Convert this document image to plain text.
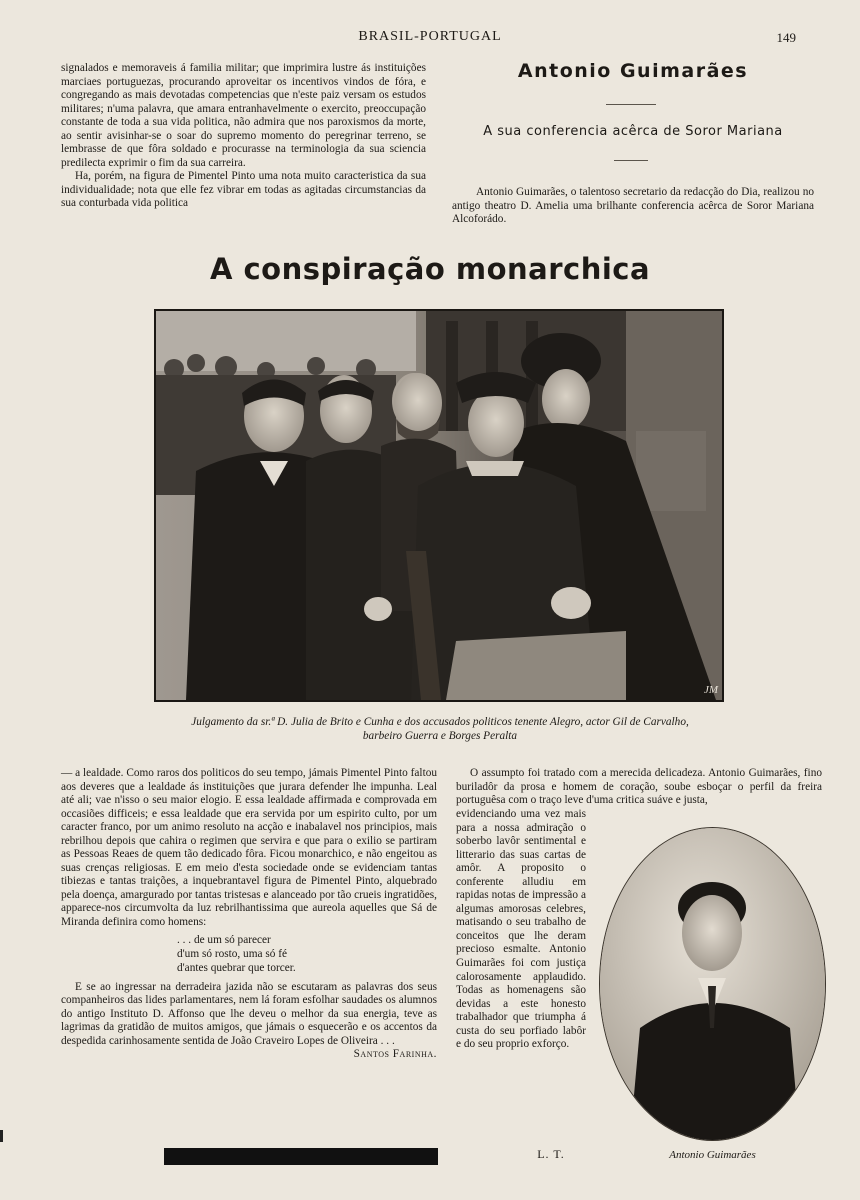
BRASIL-PORTUGAL	149

signalados e memoraveis á familia militar; que imprimira lustre ás instituições marciaes portuguezas, procurando aproveitar os incentivos vindos de fóra, e congregando as mais devotadas competencias que n'este paiz versam os estudos militares; n'uma palavra, que amara entranhavelmente o exercito, preoccupação constante de toda a sua vida politica, não admira que nos paroxismos da morte, ao sentir avisinhar-se o soar do supremo momento do peregrinar terreno, se lembrasse de que fôra soldado e procurasse na terminologia da sua sciencia predilecta exprimir o fim da sua carreira.

Ha, porém, na figura de Pimentel Pinto uma nota muito caracteristica da sua individualidade; nota que elle fez vibrar em todas as agitadas circumstancias da sua conturbada vida politica

Antonio Guimarães
A sua conferencia acêrca de Soror Mariana

Antonio Guimarães, o talentoso secretario da redacção do Dia, realizou no antigo theatro D. Amelia uma brilhante conferencia acêrca de Soror Mariana Alcoforádo.

A conspiração monarchica
JM
Julgamento da sr.ª D. Julia de Brito e Cunha e dos accusados politicos tenente Alegro, actor Gil de Carvalho,
barbeiro Guerra e Borges Peralta

— a lealdade. Como raros dos politicos do seu tempo, jámais Pimentel Pinto faltou aos deveres que a lealdade ás instituições que jurara defender lhe impunha. Leal até ali; vae n'isso o seu maior elogio. E essa lealdade affirmada e comprovada em occasiões difficeis; e essa lealdade que era servida por um espirito culto, por um caracter franco, por um animo resoluto na acção e inabalavel nos principios, mais rebrilhou depois que cahira o regimen que servira e que para o exilio se partiram as Pessoas Reaes de quem tão dedicado fôra. Ficou monarchico, e não engeitou as suas crenças religiosas. E em meio d'esta sociedade onde se evidenciam tantas tibiezas e tantas traições, a inquebrantavel figura de Pimentel Pinto, alquebrado pela doença, amargurado por tantas tristesas e alanceado por tão crueis ingratidões, apparece-nos circumvolta da luz rebrilhantissima que aureola aquelles que Sá de Miranda definira como homens:

. . . de um só parecer
d'um só rosto, uma só fé
d'antes quebrar que torcer.

E se ao ingressar na derradeira jazida não se escutaram as palavras dos seus companheiros das lides parlamentares, nem lá foram esfolhar saudades os alumnos do antigo Instituto D. Affonso que lhe deveu o melhor da sua energia, teve as lagrimas da gratidão de muitos amigos, que jámais o esquecerão e os accentos da despedida carinhosamente sentida de João Craveiro Lopes de Oliveira . . .

Santos Farinha.

O assumpto foi tratado com a merecida delicadeza. Antonio Guimarães, fino buriladôr da prosa e homem de coração, soube esboçar o perfil da freira portuguêsa com o traço leve d'uma critica suáve e justa,

evidenciando uma vez mais para a nossa admiração o soberbo lavôr sentimental e litterario das suas cartas de amôr. A proposito o conferente alludiu em rapidas notas de impressão a algumas amorosas celebres, matisando o seu trabalho de conceitos que lhe deram precioso esmalte. Antonio Guimarães foi com justiça calorosamente applaudido. Todas as homenagens são devidas a este honesto trabalhador que triumpha á custa do seu porfiado labôr e do seu proprio exforço.

Antonio Guimarães
L. T.
